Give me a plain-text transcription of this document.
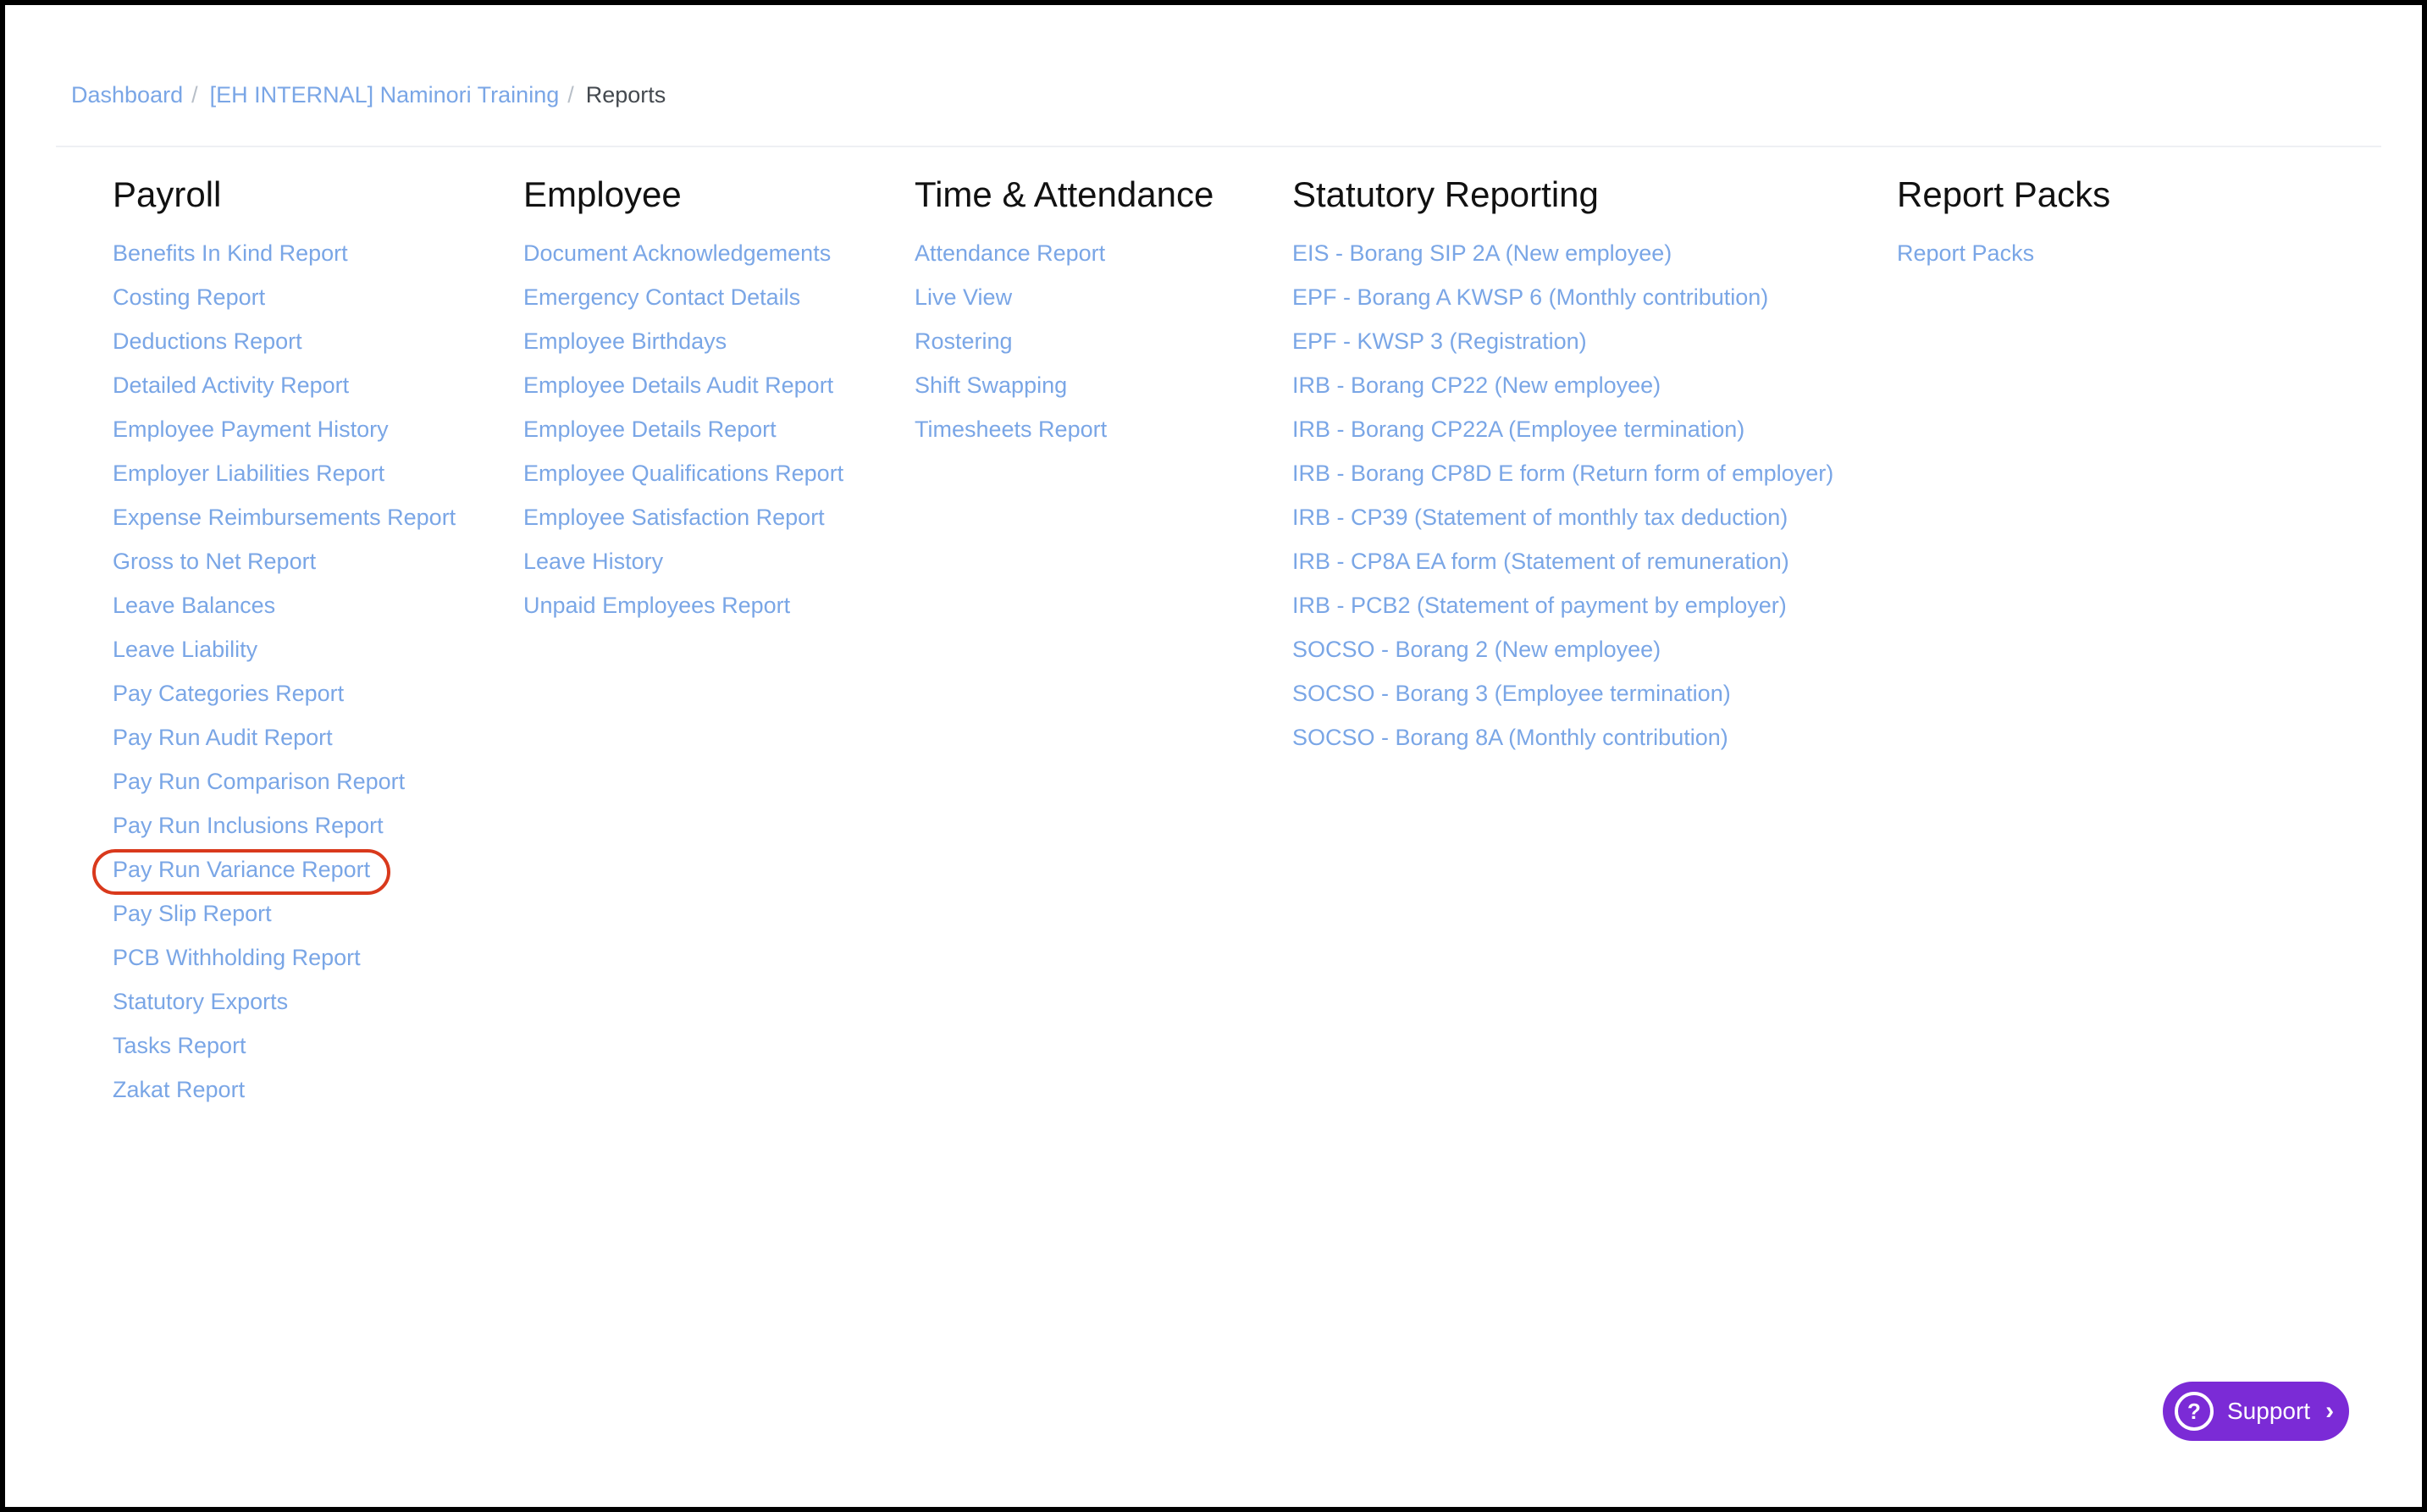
Dashboard / [EH INTERNAL] Naminori Training / Reports
Payroll
Benefits In Kind Report
Costing Report
Deductions Report
Detailed Activity Report
Employee Payment History
Employer Liabilities Report
Expense Reimbursements Report
Gross to Net Report
Leave Balances
Leave Liability
Pay Categories Report
Pay Run Audit Report
Pay Run Comparison Report
Pay Run Inclusions Report
Pay Run Variance Report
Pay Slip Report
PCB Withholding Report
Statutory Exports
Tasks Report
Zakat Report
Employee
Document Acknowledgements
Emergency Contact Details
Employee Birthdays
Employee Details Audit Report
Employee Details Report
Employee Qualifications Report
Employee Satisfaction Report
Leave History
Unpaid Employees Report
Time & Attendance
Attendance Report
Live View
Rostering
Shift Swapping
Timesheets Report
Statutory Reporting
EIS - Borang SIP 2A (New employee)
EPF - Borang A KWSP 6 (Monthly contribution)
EPF - KWSP 3 (Registration)
IRB - Borang CP22 (New employee)
IRB - Borang CP22A (Employee termination)
IRB - Borang CP8D E form (Return form of employer)
IRB - CP39 (Statement of monthly tax deduction)
IRB - CP8A EA form (Statement of remuneration)
IRB - PCB2 (Statement of payment by employer)
SOCSO - Borang 2 (New employee)
SOCSO - Borang 3 (Employee termination)
SOCSO - Borang 8A (Monthly contribution)
Report Packs
Report Packs
?	Support ›
